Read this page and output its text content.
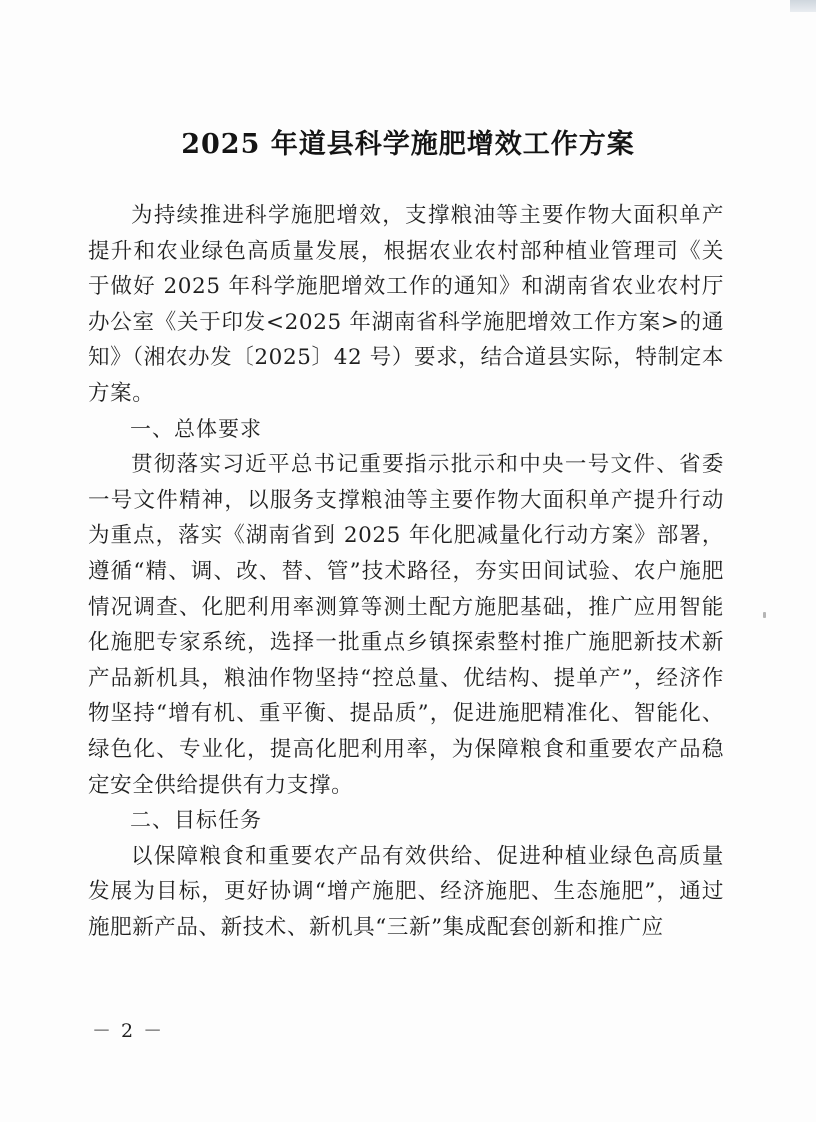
2025 年道县科学施肥增效工作方案

为持续推进科学施肥增效，支撑粮油等主要作物大面积单产提升和农业绿色高质量发展，根据农业农村部种植业管理司《关于做好 2025 年科学施肥增效工作的通知》和湖南省农业农村厅办公室《关于印发<2025 年湖南省科学施肥增效工作方案>的通知》（湘农办发〔2025〕42 号）要求，结合道县实际，特制定本方案。

一、总体要求

贯彻落实习近平总书记重要指示批示和中央一号文件、省委一号文件精神，以服务支撑粮油等主要作物大面积单产提升行动为重点，落实《湖南省到 2025 年化肥减量化行动方案》部署，遵循“精、调、改、替、管”技术路径，夯实田间试验、农户施肥情况调查、化肥利用率测算等测土配方施肥基础，推广应用智能化施肥专家系统，选择一批重点乡镇探索整村推广施肥新技术新产品新机具，粮油作物坚持“控总量、优结构、提单产”，经济作物坚持“增有机、重平衡、提品质”，促进施肥精准化、智能化、绿色化、专业化，提高化肥利用率，为保障粮食和重要农产品稳定安全供给提供有力支撑。

二、目标任务

以保障粮食和重要农产品有效供给、促进种植业绿色高质量发展为目标，更好协调“增产施肥、经济施肥、生态施肥”，通过施肥新产品、新技术、新机具“三新”集成配套创新和推广应

－ 2 －
